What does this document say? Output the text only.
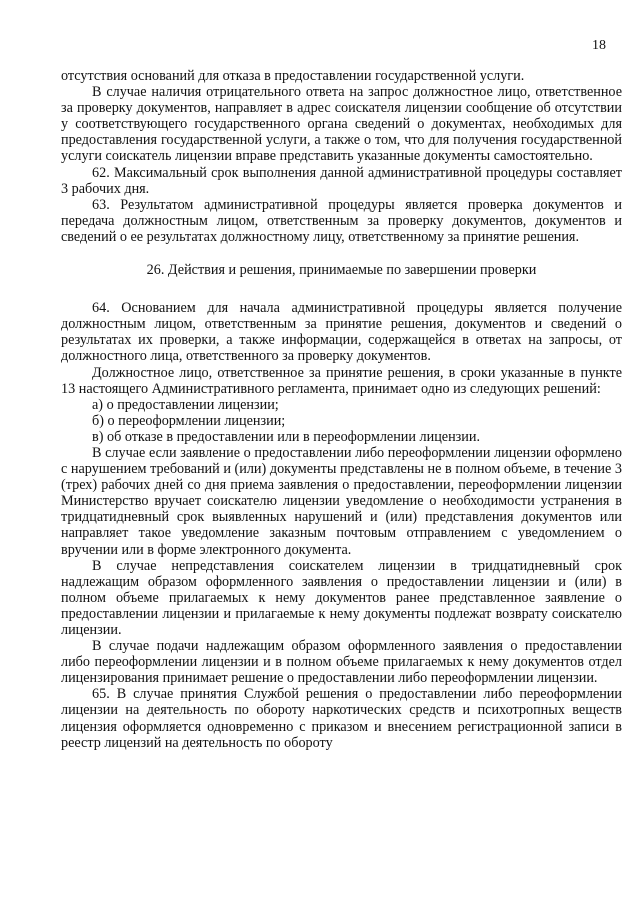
18

отсутствия оснований для отказа в предоставлении государственной услуги.

В случае наличия отрицательного ответа на запрос должностное лицо, ответственное за проверку документов, направляет в адрес соискателя лицензии сообщение об отсутствии у соответствующего государственного органа сведений о документах, необходимых для предоставления государственной услуги, а также о том, что для получения государственной услуги соискатель лицензии вправе представить указанные документы самостоятельно.

62. Максимальный срок выполнения данной административной процедуры составляет 3 рабочих дня.

63. Результатом административной процедуры является проверка документов и передача должностным лицом, ответственным за проверку документов, документов и сведений о ее результатах должностному лицу, ответственному за принятие решения.

26. Действия и решения, принимаемые по завершении проверки

64. Основанием для начала административной процедуры является получение должностным лицом, ответственным за принятие решения, документов и сведений о результатах их проверки, а также информации, содержащейся в ответах на запросы, от должностного лица, ответственного за проверку документов.

Должностное лицо, ответственное за принятие решения, в сроки указанные в пункте 13 настоящего Административного регламента, принимает одно из следующих решений:

а) о предоставлении лицензии;

б) о переоформлении лицензии;

в) об отказе в предоставлении или в переоформлении лицензии.

В случае если заявление о предоставлении либо переоформлении лицензии оформлено с нарушением требований и (или) документы представлены не в полном объеме, в течение 3 (трех) рабочих дней со дня приема заявления о предоставлении, переоформлении лицензии Министерство вручает соискателю лицензии уведомление о необходимости устранения в тридцатидневный срок выявленных нарушений и (или) представления документов или направляет такое уведомление заказным почтовым отправлением с уведомлением о вручении или в форме электронного документа.

В случае непредставления соискателем лицензии в тридцатидневный срок надлежащим образом оформленного заявления о предоставлении лицензии и (или) в полном объеме прилагаемых к нему документов ранее представленное заявление о предоставлении лицензии и прилагаемые к нему документы подлежат возврату соискателю лицензии.

В случае подачи надлежащим образом оформленного заявления о предоставлении либо переоформлении лицензии и в полном объеме прилагаемых к нему документов отдел лицензирования принимает решение о предоставлении либо переоформлении лицензии.

65. В случае принятия Службой решения о предоставлении либо переоформлении лицензии на деятельность по обороту наркотических средств и психотропных веществ лицензия оформляется одновременно с приказом и внесением регистрационной записи в реестр лицензий на деятельность по обороту
